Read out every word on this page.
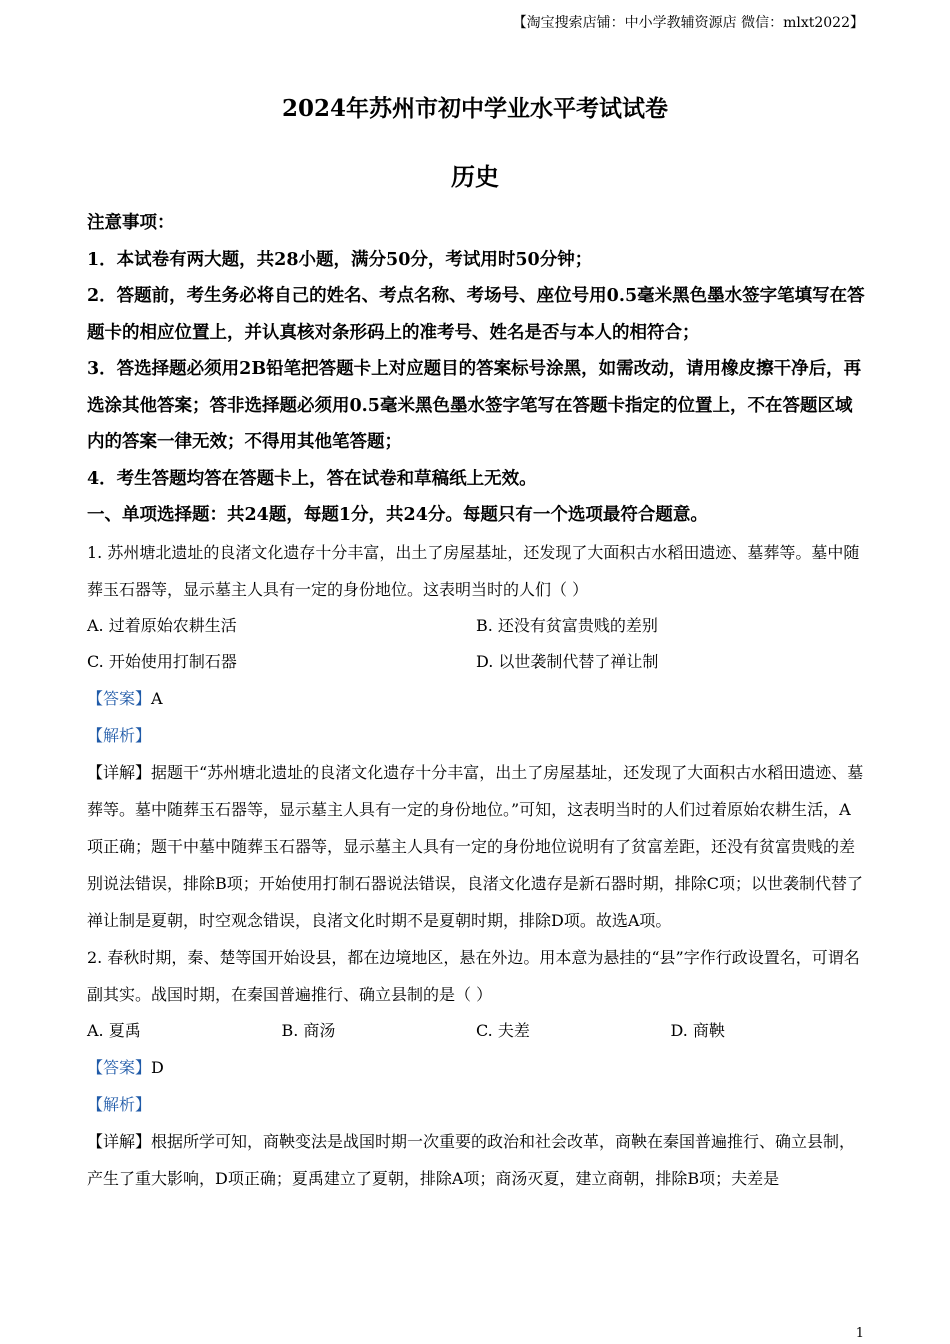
【淘宝搜索店铺：中小学教辅资源店 微信：mlxt2022】
2024年苏州市初中学业水平考试试卷
历史
注意事项：
1．本试卷有两大题，共28小题，满分50分，考试用时50分钟；
2．答题前，考生务必将自己的姓名、考点名称、考场号、座位号用0.5毫米黑色墨水签字笔填写在答题卡的相应位置上，并认真核对条形码上的准考号、姓名是否与本人的相符合；
3．答选择题必须用2B铅笔把答题卡上对应题目的答案标号涂黑，如需改动，请用橡皮擦干净后，再选涂其他答案；答非选择题必须用0.5毫米黑色墨水签字笔写在答题卡指定的位置上，不在答题区域内的答案一律无效；不得用其他笔答题；
4．考生答题均答在答题卡上，答在试卷和草稿纸上无效。
一、单项选择题：共24题，每题1分，共24分。每题只有一个选项最符合题意。
1. 苏州塘北遗址的良渚文化遗存十分丰富，出土了房屋基址，还发现了大面积古水稻田遗迹、墓葬等。墓中随葬玉石器等，显示墓主人具有一定的身份地位。这表明当时的人们（ ）
A. 过着原始农耕生活	B. 还没有贫富贵贱的差别
C. 开始使用打制石器	D. 以世袭制代替了禅让制
【答案】A
【解析】
【详解】据题干“苏州塘北遗址的良渚文化遗存十分丰富，出土了房屋基址，还发现了大面积古水稻田遗迹、墓葬等。墓中随葬玉石器等，显示墓主人具有一定的身份地位。”可知，这表明当时的人们过着原始农耕生活，A项正确；题干中墓中随葬玉石器等，显示墓主人具有一定的身份地位说明有了贫富差距，还没有贫富贵贱的差别说法错误，排除B项；开始使用打制石器说法错误，良渚文化遗存是新石器时期，排除C项；以世袭制代替了禅让制是夏朝，时空观念错误，良渚文化时期不是夏朝时期，排除D项。故选A项。
2. 春秋时期，秦、楚等国开始设县，都在边境地区，悬在外边。用本意为悬挂的“县”字作行政设置名，可谓名副其实。战国时期，在秦国普遍推行、确立县制的是（ ）
A. 夏禹	B. 商汤	C. 夫差	D. 商鞅
【答案】D
【解析】
【详解】根据所学可知，商鞅变法是战国时期一次重要的政治和社会改革，商鞅在秦国普遍推行、确立县制，产生了重大影响，D项正确；夏禹建立了夏朝，排除A项；商汤灭夏，建立商朝，排除B项；夫差是
1
